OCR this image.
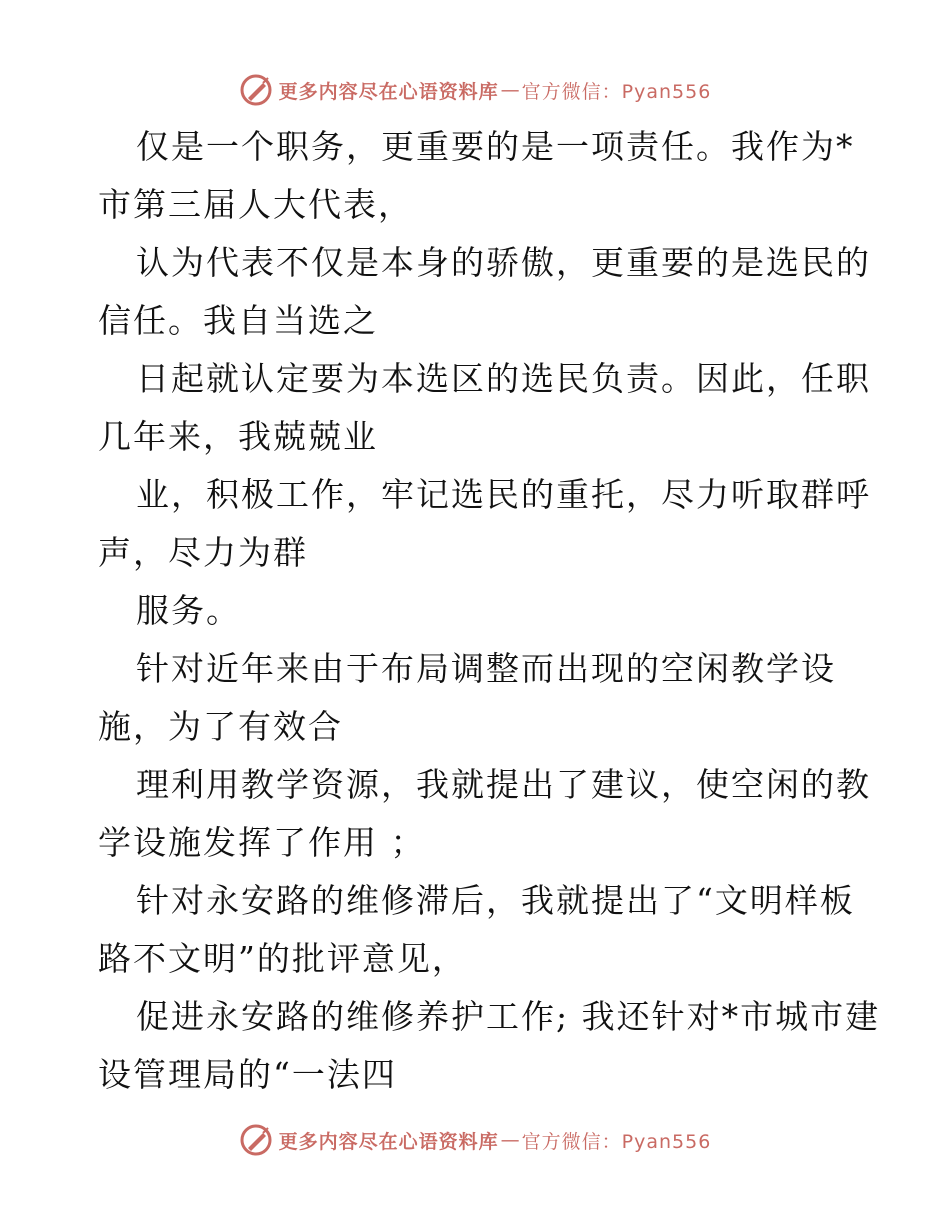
更多内容尽在心语资料库 — 官方微信：Pyan556
仅是一个职务，更重要的是一项责任。我作为*
市第三届人大代表，
认为代表不仅是本身的骄傲，更重要的是选民的
信任。我自当选之
日起就认定要为本选区的选民负责。因此，任职
几年来，我兢兢业
业，积极工作，牢记选民的重托，尽力听取群呼
声，尽力为群
服务。
针对近年来由于布局调整而出现的空闲教学设
施，为了有效合
理利用教学资源，我就提出了建议，使空闲的教
学设施发挥了作用 ；
针对永安路的维修滞后，我就提出了“文明样板
路不文明”的批评意见，
促进永安路的维修养护工作; 我还针对*市城市建
设管理局的“一法四
更多内容尽在心语资料库 — 官方微信：Pyan556
